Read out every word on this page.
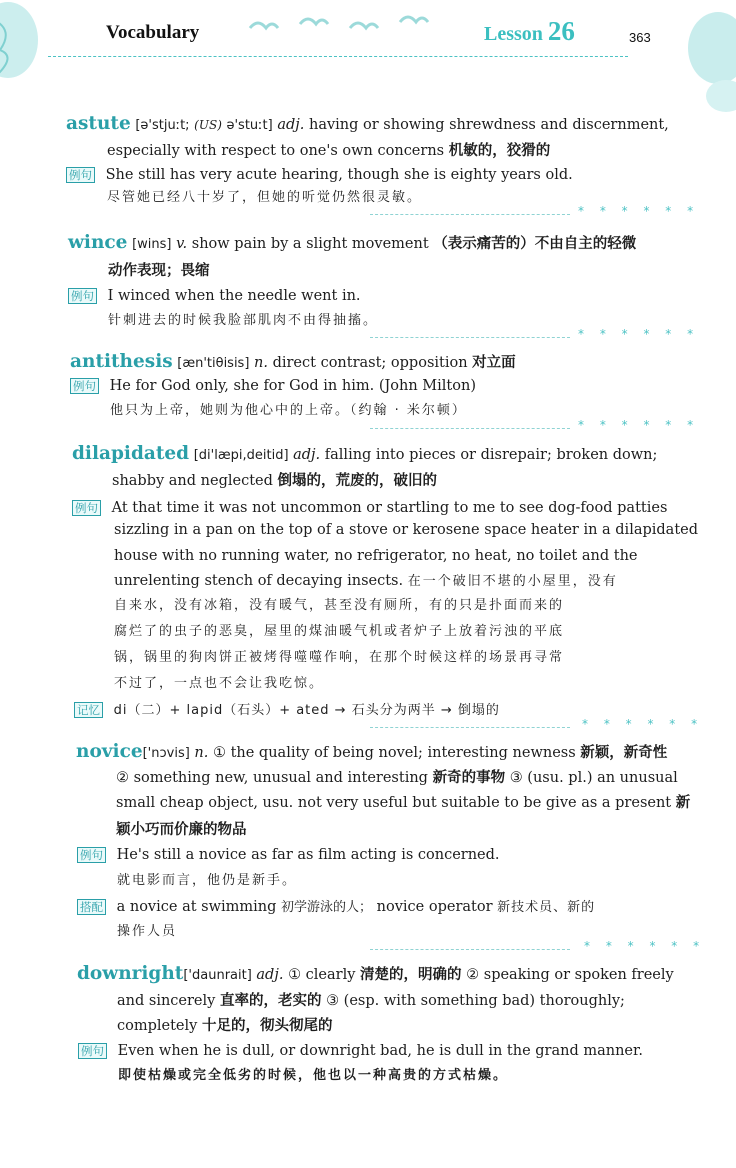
Vocabulary	Lesson 26	363
astute [ə'stjuːt; (US) ə'stuːt] adj. having or showing shrewdness and discernment,
especially with respect to one's own concerns 机敏的，狡猾的
例句 She still has very acute hearing, though she is eighty years old.
尽管她已经八十岁了，但她的听觉仍然很灵敏。
* * * * * *
wince [wins] v. show pain by a slight movement （表示痛苦的）不由自主的轻微
动作表现；畏缩
例句 I winced when the needle went in.
针刺进去的时候我脸部肌肉不由得抽搐。
* * * * * *
antithesis [æn'tiθisis] n. direct contrast; opposition 对立面
例句 He for God only, she for God in him. (John Milton)
他只为上帝，她则为他心中的上帝。（约翰 · 米尔顿）
* * * * * *
dilapidated [di'læpi,deitid] adj. falling into pieces or disrepair; broken down;
shabby and neglected 倒塌的，荒废的，破旧的
例句 At that time it was not uncommon or startling to me to see dog-food patties
sizzling in a pan on the top of a stove or kerosene space heater in a dilapidated
house with no running water, no refrigerator, no heat, no toilet and the
unrelenting stench of decaying insects. 在一个破旧不堪的小屋里，没有
自来水，没有冰箱，没有暖气，甚至没有厕所，有的只是扑面而来的
腐烂了的虫子的恶臭，屋里的煤油暖气机或者炉子上放着污浊的平底
锅，锅里的狗肉饼正被烤得噬噬作响，在那个时候这样的场景再寻常
不过了，一点也不会让我吃惊。
记忆 di（二）+ lapid（石头）+ ated → 石头分为两半 → 倒塌的
* * * * * *
novice['nɔvis] n. ① the quality of being novel; interesting newness 新颖，新奇性
② something new, unusual and interesting 新奇的事物 ③ (usu. pl.) an unusual
small cheap object, usu. not very useful but suitable to be give as a present 新
颖小巧而价廉的物品
例句 He's still a novice as far as film acting is concerned.
就电影而言，他仍是新手。
搭配 a novice at swimming 初学游泳的人； novice operator 新技术员、新的
操作人员
* * * * * *
downright['daunrait] adj. ① clearly 清楚的，明确的 ② speaking or spoken freely
and sincerely 直率的，老实的 ③ (esp. with something bad) thoroughly;
completely 十足的，彻头彻尾的
例句 Even when he is dull, or downright bad, he is dull in the grand manner.
即使枯燥或完全低劣的时候，他也以一种高贵的方式枯燥。
